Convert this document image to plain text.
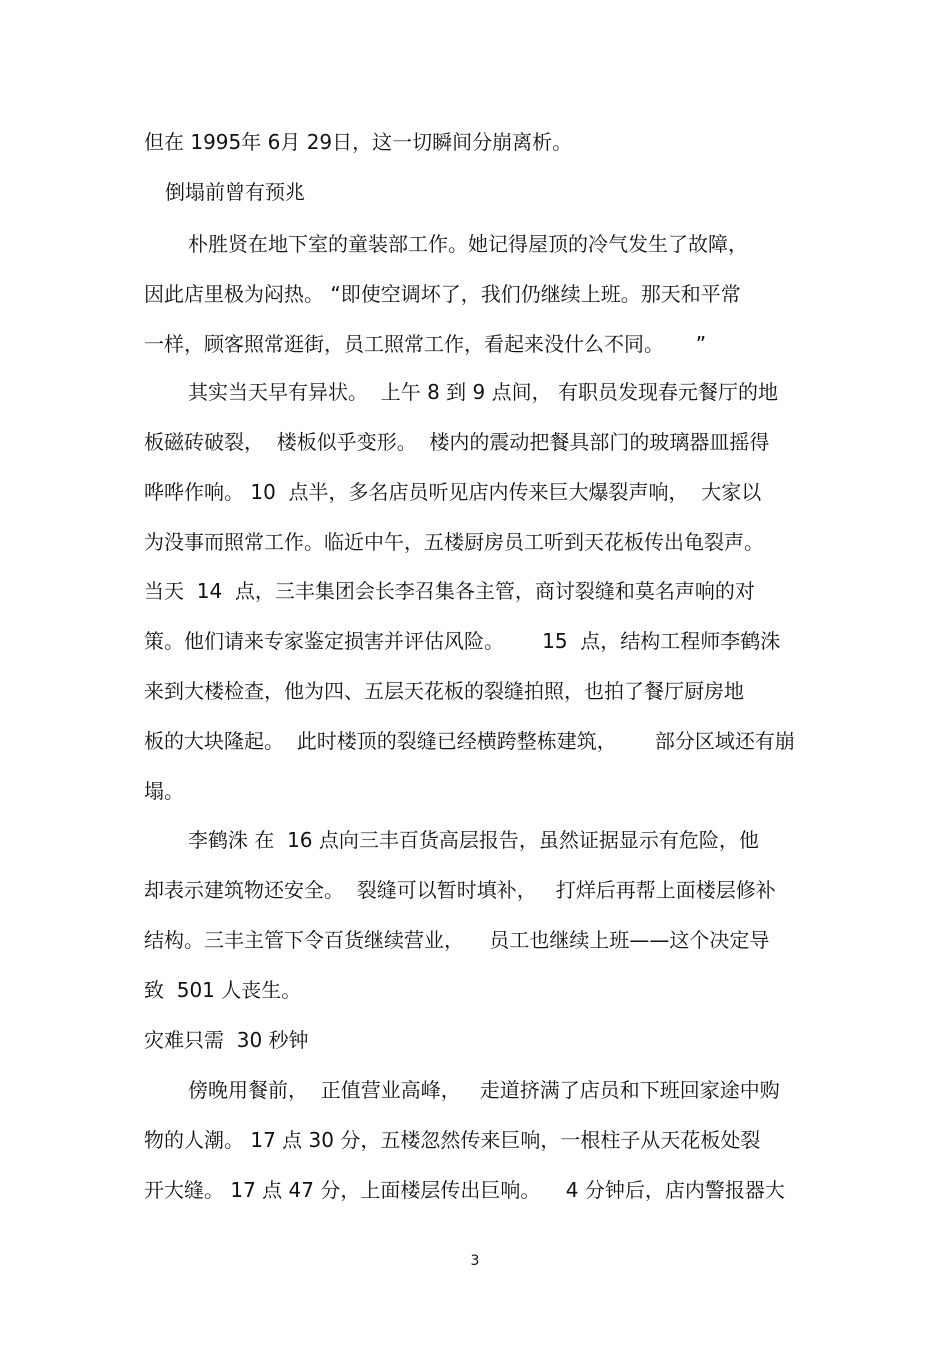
但在 1995年 6月 29日，这一切瞬间分崩离析。
倒塌前曾有预兆
朴胜贤在地下室的童装部工作。她记得屋顶的冷气发生了故障，
因此店里极为闷热。 “即使空调坏了，我们仍继续上班。那天和平常
一样，顾客照常逛街，员工照常工作，看起来没什么不同。     ”
其实当天早有异状。  上午 8 到 9 点间， 有职员发现春元餐厅的地
板磁砖破裂，  楼板似乎变形。  楼内的震动把餐具部门的玻璃器皿摇得
哗哗作响。 10  点半，多名店员听见店内传来巨大爆裂声响，  大家以
为没事而照常工作。临近中午，五楼厨房员工听到天花板传出龟裂声。
当天  14  点，三丰集团会长李召集各主管，商讨裂缝和莫名声响的对
策。他们请来专家鉴定损害并评估风险。      15  点，结构工程师李鹤洙
来到大楼检查，他为四、五层天花板的裂缝拍照，也拍了餐厅厨房地
板的大块隆起。  此时楼顶的裂缝已经横跨整栋建筑，      部分区域还有崩
塌。
李鹤洙 在  16 点向三丰百货高层报告，虽然证据显示有危险，他
却表示建筑物还安全。  裂缝可以暂时填补，   打烊后再帮上面楼层修补
结构。三丰主管下令百货继续营业，    员工也继续上班——这个决定导
致  501 人丧生。
灾难只需  30 秒钟
傍晚用餐前，  正值营业高峰，   走道挤满了店员和下班回家途中购
物的人潮。 17 点 30 分，五楼忽然传来巨响，一根柱子从天花板处裂
开大缝。 17 点 47 分，上面楼层传出巨响。    4 分钟后，店内警报器大
3
